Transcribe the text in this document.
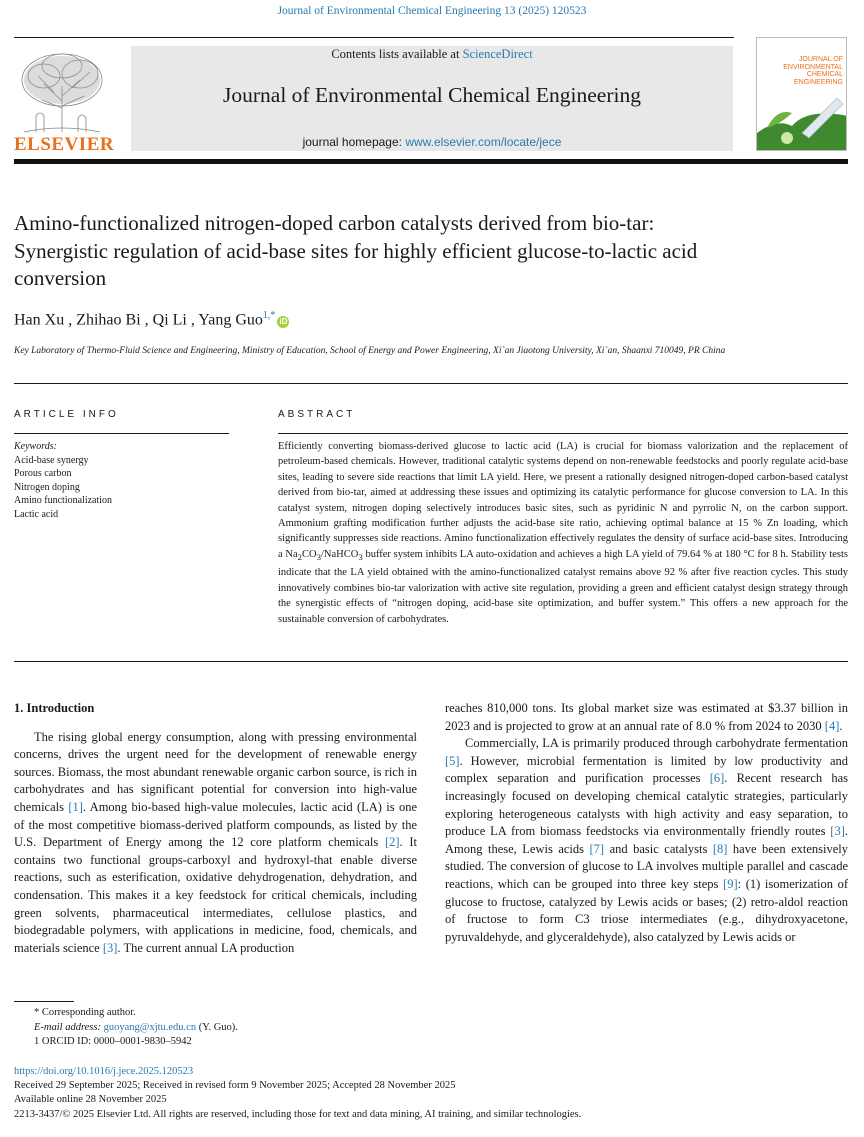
Journal of Environmental Chemical Engineering 13 (2025) 120523
ELSEVIER
Contents lists available at ScienceDirect
Journal of Environmental Chemical Engineering
journal homepage: www.elsevier.com/locate/jece
JOURNAL OF
ENVIRONMENTAL
CHEMICAL
ENGINEERING
Amino-functionalized nitrogen-doped carbon catalysts derived from bio-tar: Synergistic regulation of acid-base sites for highly efficient glucose-to-lactic acid conversion
Han Xu , Zhihao Bi , Qi Li , Yang Guo$^{1,*}$iD
Key Laboratory of Thermo-Fluid Science and Engineering, Ministry of Education, School of Energy and Power Engineering, Xi`an Jiaotong University, Xi`an, Shaanxi 710049, PR China
ARTICLE INFO	ABSTRACT
Keywords:
Acid-base synergy
Porous carbon
Nitrogen doping
Amino functionalization
Lactic acid
Efficiently converting biomass-derived glucose to lactic acid (LA) is crucial for biomass valorization and the replacement of petroleum-based chemicals. However, traditional catalytic systems depend on non-renewable feedstocks and poorly regulate acid-base sites, leading to severe side reactions that limit LA yield. Here, we present a rationally designed nitrogen-doped carbon-based catalyst derived from bio-tar, aimed at addressing these issues and optimizing its catalytic performance for glucose conversion to LA. In this catalyst system, nitrogen doping selectively introduces basic sites, such as pyridinic N and pyrrolic N, on the carbon support. Ammonium grafting modification further adjusts the acid-base site ratio, achieving optimal balance at 15 % Zn loading, which significantly suppresses side reactions. Amino functionalization effectively regulates the density of surface acid-base sites. Introducing a $Na_2CO_3/NaHCO_3$ buffer system inhibits LA auto-oxidation and achieves a high LA yield of 79.64 % at 180 °C for 8 h. Stability tests indicate that the LA yield obtained with the amino-functionalized catalyst remains above 92 % after five reaction cycles. This study innovatively combines bio-tar valorization with active site regulation, providing a green and efficient catalyst design strategy through the synergistic effects of “nitrogen doping, acid-base site optimization, and buffer system.” This offers a new approach for the sustainable conversion of carbohydrates.
1. Introduction

The rising global energy consumption, along with pressing environmental concerns, drives the urgent need for the development of renewable energy sources. Biomass, the most abundant renewable organic carbon source, is rich in carbohydrates and has significant potential for conversion into high-value chemicals [1]. Among bio-based high-value molecules, lactic acid (LA) is one of the most competitive biomass-derived platform compounds, as listed by the U.S. Department of Energy among the 12 core platform chemicals [2]. It contains two functional groups-carboxyl and hydroxyl-that enable diverse reactions, such as esterification, oxidative dehydrogenation, dehydration, and condensation. This makes it a key feedstock for critical chemicals, including green solvents, pharmaceutical intermediates, cellulose plastics, and biodegradable polymers, with applications in medicine, food, chemicals, and materials science [3]. The current annual LA production

reaches 810,000 tons. Its global market size was estimated at $3.37 billion in 2023 and is projected to grow at an annual rate of 8.0 % from 2024 to 2030 [4].

Commercially, LA is primarily produced through carbohydrate fermentation [5]. However, microbial fermentation is limited by low productivity and complex separation and purification processes [6]. Recent research has increasingly focused on developing chemical catalytic strategies, particularly exploring heterogeneous catalysts with high activity and easy separation, to produce LA from biomass feedstocks via environmentally friendly routes [3]. Among these, Lewis acids [7] and basic catalysts [8] have been extensively studied. The conversion of glucose to LA involves multiple parallel and cascade reactions, which can be grouped into three key steps [9]: (1) isomerization of glucose to fructose, catalyzed by Lewis acids or bases; (2) retro-aldol reaction of fructose to form C3 triose intermediates (e.g., dihydroxyacetone, pyruvaldehyde, and glyceraldehyde), also catalyzed by Lewis acids or

* Corresponding author.
E-mail address: guoyang@xjtu.edu.cn (Y. Guo).
1 ORCID ID: 0000–0001-9830–5942
https://doi.org/10.1016/j.jece.2025.120523
Received 29 September 2025; Received in revised form 9 November 2025; Accepted 28 November 2025
Available online 28 November 2025
2213-3437/© 2025 Elsevier Ltd. All rights are reserved, including those for text and data mining, AI training, and similar technologies.
